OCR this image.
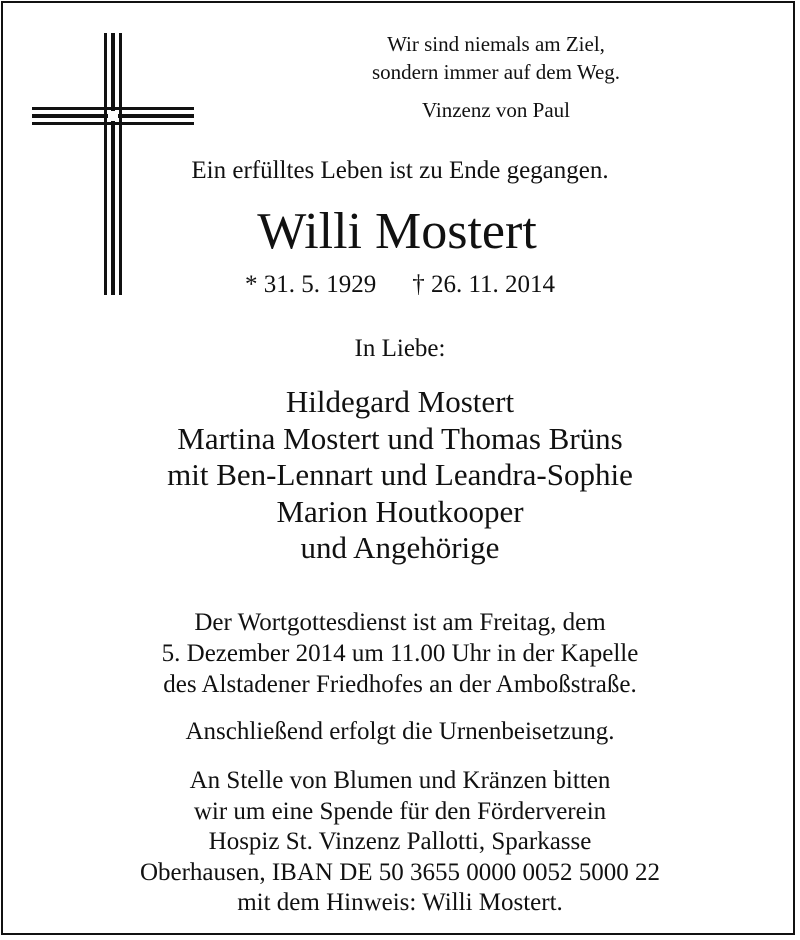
Wir sind niemals am Ziel,
sondern immer auf dem Weg.
Vinzenz von Paul
Ein erfülltes Leben ist zu Ende gegangen.
Willi Mostert
* 31. 5. 1929 † 26. 11. 2014
In Liebe:
Hildegard Mostert
Martina Mostert und Thomas Brüns
mit Ben-Lennart und Leandra-Sophie
Marion Houtkooper
und Angehörige
Der Wortgottesdienst ist am Freitag, dem
5. Dezember 2014 um 11.00 Uhr in der Kapelle
des Alstadener Friedhofes an der Amboßstraße.
Anschließend erfolgt die Urnenbeisetzung.
An Stelle von Blumen und Kränzen bitten
wir um eine Spende für den Förderverein
Hospiz St. Vinzenz Pallotti, Sparkasse
Oberhausen, IBAN DE 50 3655 0000 0052 5000 22
mit dem Hinweis: Willi Mostert.
